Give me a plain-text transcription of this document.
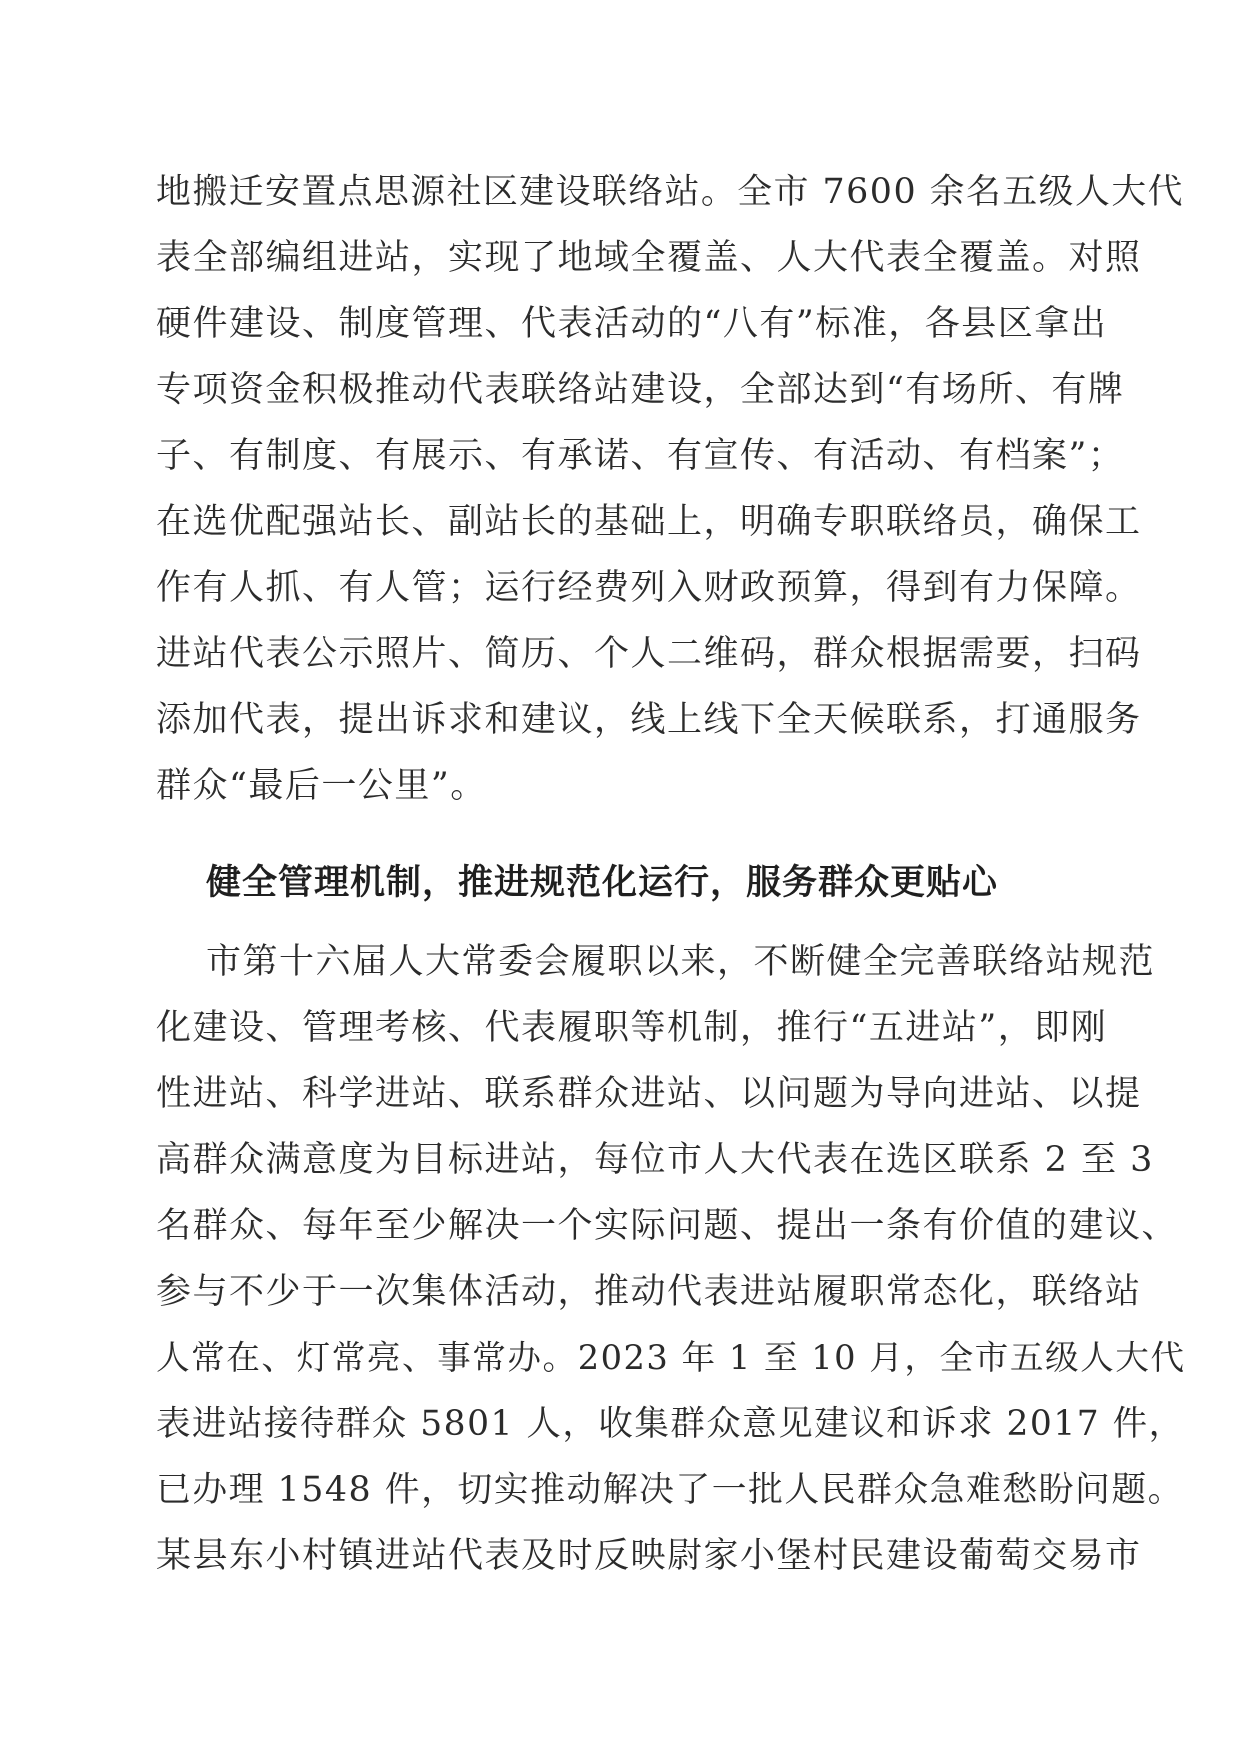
地搬迁安置点思源社区建设联络站。全市 7600 余名五级人大代
表全部编组进站，实现了地域全覆盖、人大代表全覆盖。对照
硬件建设、制度管理、代表活动的“八有”标准，各县区拿出
专项资金积极推动代表联络站建设，全部达到“有场所、有牌
子、有制度、有展示、有承诺、有宣传、有活动、有档案”；
在选优配强站长、副站长的基础上，明确专职联络员，确保工
作有人抓、有人管；运行经费列入财政预算，得到有力保障。
进站代表公示照片、简历、个人二维码，群众根据需要，扫码
添加代表，提出诉求和建议，线上线下全天候联系，打通服务
群众“最后一公里”。
健全管理机制，推进规范化运行，服务群众更贴心
市第十六届人大常委会履职以来，不断健全完善联络站规范
化建设、管理考核、代表履职等机制，推行“五进站”，即刚
性进站、科学进站、联系群众进站、以问题为导向进站、以提
高群众满意度为目标进站，每位市人大代表在选区联系 2 至 3
名群众、每年至少解决一个实际问题、提出一条有价值的建议、
参与不少于一次集体活动，推动代表进站履职常态化，联络站
人常在、灯常亮、事常办。2023 年 1 至 10 月，全市五级人大代
表进站接待群众 5801 人，收集群众意见建议和诉求 2017 件，
已办理 1548 件，切实推动解决了一批人民群众急难愁盼问题。
某县东小村镇进站代表及时反映尉家小堡村民建设葡萄交易市
